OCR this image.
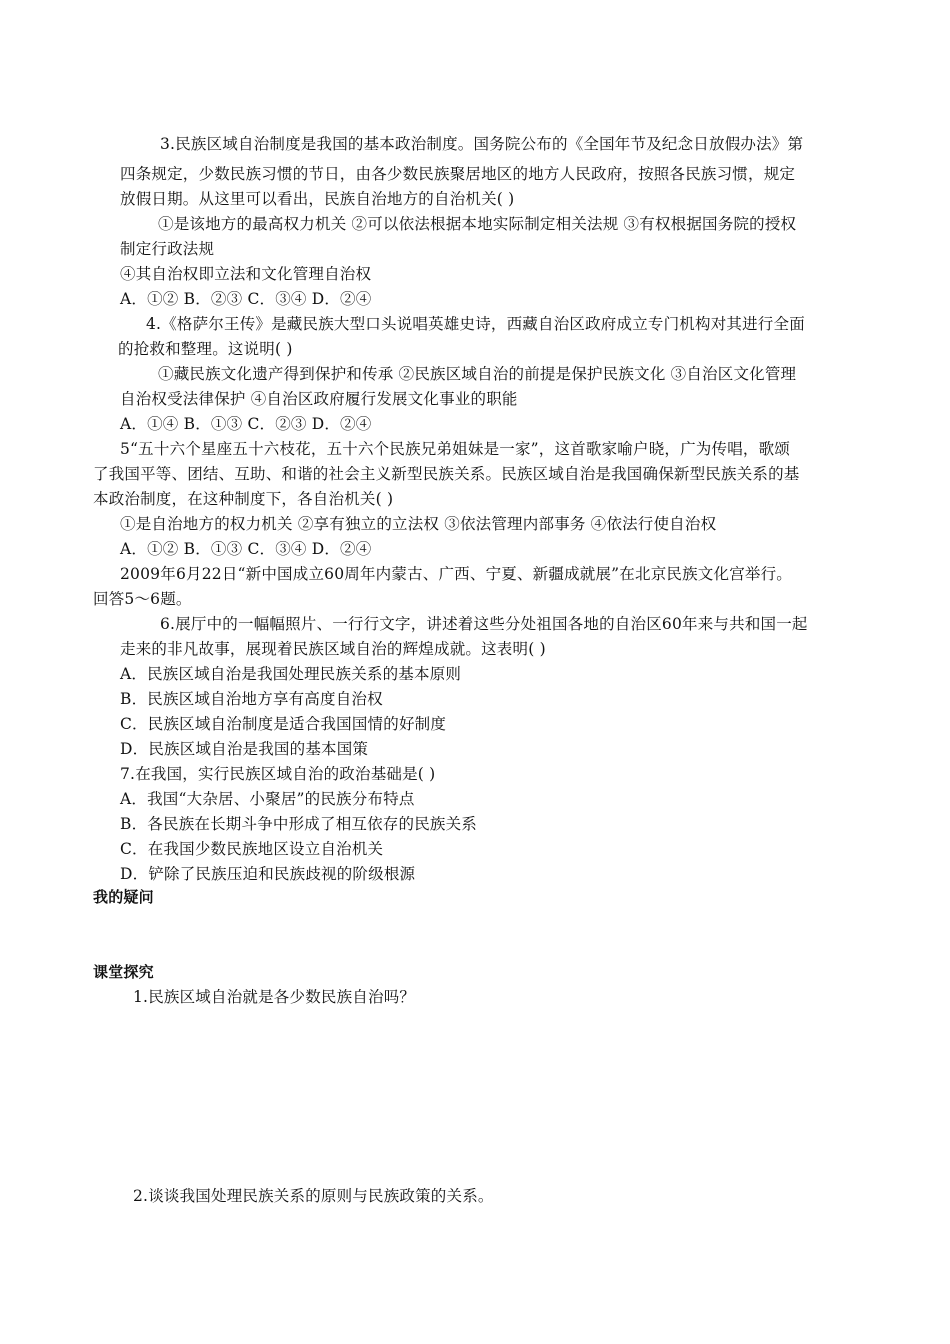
3.民族区域自治制度是我国的基本政治制度。国务院公布的《全国年节及纪念日放假办法》第
四条规定，少数民族习惯的节日，由各少数民族聚居地区的地方人民政府，按照各民族习惯，规定
放假日期。从这里可以看出，民族自治地方的自治机关( )
①是该地方的最高权力机关 ②可以依法根据本地实际制定相关法规 ③有权根据国务院的授权
制定行政法规
④其自治权即立法和文化管理自治权
A．①② B．②③ C．③④ D．②④
4.《格萨尔王传》是藏民族大型口头说唱英雄史诗，西藏自治区政府成立专门机构对其进行全面
的抢救和整理。这说明( )
①藏民族文化遗产得到保护和传承 ②民族区域自治的前提是保护民族文化 ③自治区文化管理
自治权受法律保护 ④自治区政府履行发展文化事业的职能
A．①④ B．①③ C．②③ D．②④
5“五十六个星座五十六枝花，五十六个民族兄弟姐妹是一家”，这首歌家喻户晓，广为传唱，歌颂
了我国平等、团结、互助、和谐的社会主义新型民族关系。民族区域自治是我国确保新型民族关系的基
本政治制度，在这种制度下，各自治机关( )
①是自治地方的权力机关 ②享有独立的立法权 ③依法管理内部事务 ④依法行使自治权
A．①② B．①③ C．③④ D．②④
2009年6月22日“新中国成立60周年内蒙古、广西、宁夏、新疆成就展”在北京民族文化宫举行。
回答5～6题。
6.展厅中的一幅幅照片、一行行文字，讲述着这些分处祖国各地的自治区60年来与共和国一起
走来的非凡故事，展现着民族区域自治的辉煌成就。这表明( )
A．民族区域自治是我国处理民族关系的基本原则
B．民族区域自治地方享有高度自治权
C．民族区域自治制度是适合我国国情的好制度
D．民族区域自治是我国的基本国策
7.在我国，实行民族区域自治的政治基础是( )
A．我国“大杂居、小聚居”的民族分布特点
B．各民族在长期斗争中形成了相互依存的民族关系
C．在我国少数民族地区设立自治机关
D．铲除了民族压迫和民族歧视的阶级根源
我的疑问
课堂探究
1.民族区域自治就是各少数民族自治吗？
2.谈谈我国处理民族关系的原则与民族政策的关系。
